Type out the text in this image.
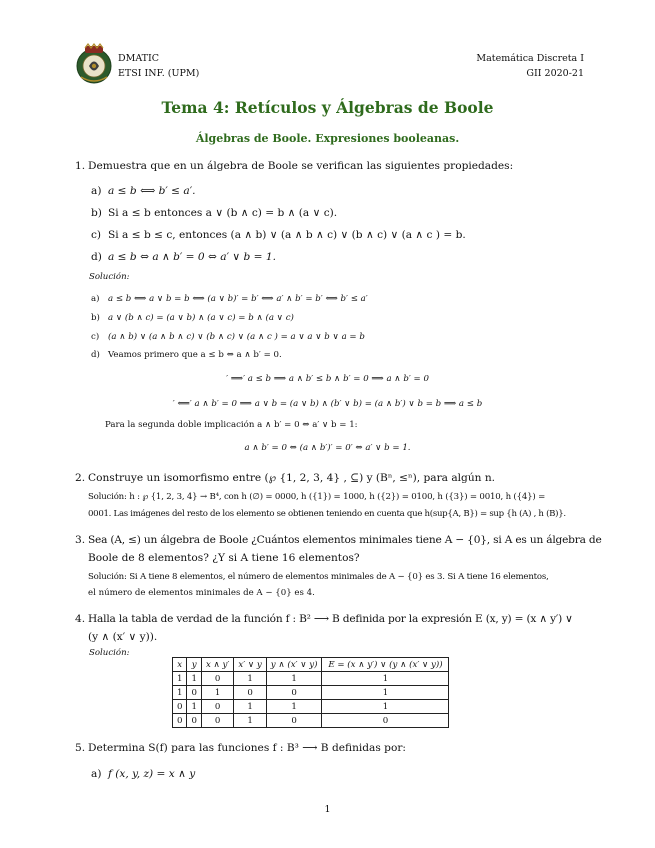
DMATIC
ETSI INF. (UPM)
Matemática Discreta I
GII 2020-21
Tema 4: Retículos y Álgebras de Boole
Álgebras de Boole. Expresiones booleanas.
1. Demuestra que en un álgebra de Boole se verifican las siguientes propiedades:
a) a ≤ b ⟺ b′ ≤ a′.
b) Si a ≤ b entonces a ∨ (b ∧ c) = b ∧ (a ∨ c).
c) Si a ≤ b ≤ c, entonces (a ∧ b) ∨ (a ∧ b ∧ c) ∨ (b ∧ c) ∨ (a ∧ c ) = b.
d) a ≤ b ⇔ a ∧ b′ = 0 ⇔ a′ ∨ b = 1.
Solución:
a) a ≤ b ⟺ a ∨ b = b ⟺ (a ∨ b)′ = b′ ⟺ a′ ∧ b′ = b′ ⟺ b′ ≤ a′
b) a ∨ (b ∧ c) = (a ∨ b) ∧ (a ∨ c) = b ∧ (a ∨ c)
c) (a ∧ b) ∨ (a ∧ b ∧ c) ∨ (b ∧ c) ∨ (a ∧ c ) = a ∨ a ∨ b ∨ a = b
d) Veamos primero que a ≤ b ⇔ a ∧ b′ = 0.
′ ⟹′ a ≤ b ⟹ a ∧ b′ ≤ b ∧ b′ = 0 ⟹ a ∧ b′ = 0
′ ⟸′ a ∧ b′ = 0 ⟹ a ∨ b = (a ∨ b) ∧ (b′ ∨ b) = (a ∧ b′) ∨ b = b ⟹ a ≤ b
Para la segunda doble implicación a ∧ b′ = 0 ⇔ a′ ∨ b = 1:
a ∧ b′ = 0 ⇔ (a ∧ b′)′ = 0′ ⇔ a′ ∨ b = 1.
2. Construye un isomorfismo entre (℘ {1, 2, 3, 4} , ⊆) y (Bⁿ, ≤ⁿ), para algún n.
Solución: h : ℘ {1, 2, 3, 4} → B⁴, con h (∅) = 0000, h ({1}) = 1000, h ({2}) = 0100, h ({3}) = 0010, h ({4}) =
0001. Las imágenes del resto de los elemento se obtienen teniendo en cuenta que h(sup{A, B}) = sup {h (A) , h (B)}.
3. Sea (A, ≤) un álgebra de Boole ¿Cuántos elementos minimales tiene A − {0}, si A es un álgebra de
Boole de 8 elementos? ¿Y si A tiene 16 elementos?
Solución: Si A tiene 8 elementos, el número de elementos minimales de A − {0} es 3. Si A tiene 16 elementos,
el número de elementos minimales de A − {0} es 4.
4. Halla la tabla de verdad de la función f : B² ⟶ B definida por la expresión E (x, y) = (x ∧ y′) ∨
(y ∧ (x′ ∨ y)).
Solución:
x	y	x ∧ y′	x′ ∨ y	y ∧ (x′ ∨ y)	E = (x ∧ y′) ∨ (y ∧ (x′ ∨ y))
1	1	0	1	1	1
1	0	1	0	0	1
0	1	0	1	1	1
0	0	0	1	0	0
5. Determina S(f) para las funciones f : B³ ⟶ B definidas por:
a) f (x, y, z) = x ∧ y
1
